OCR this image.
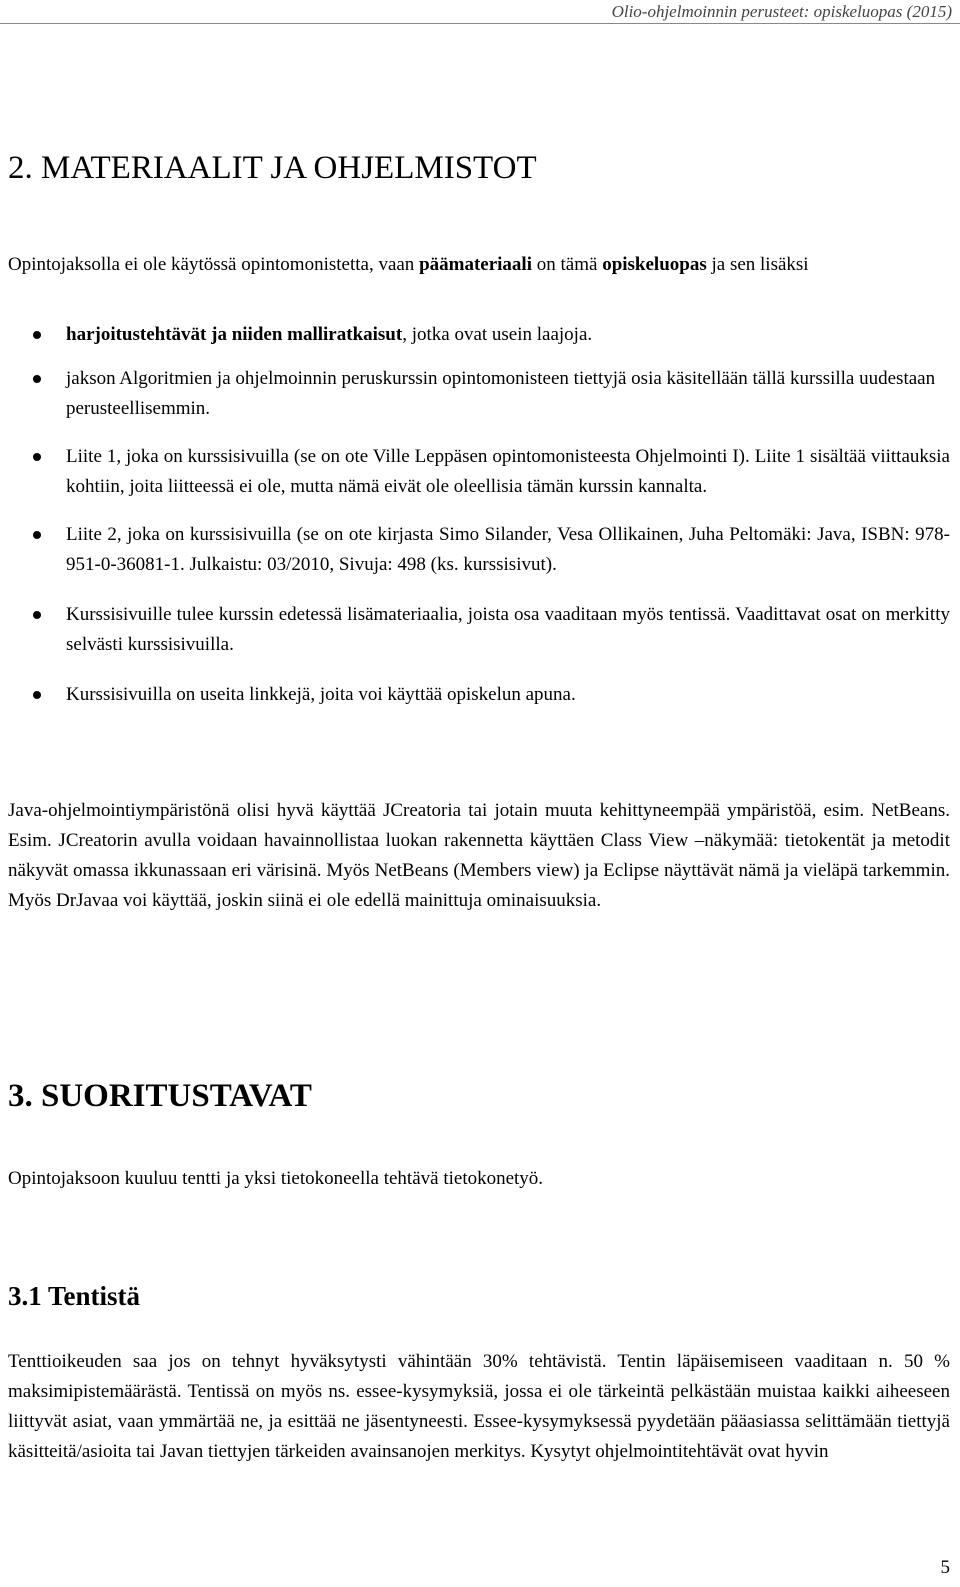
Olio-ohjelmoinnin perusteet: opiskeluopas (2015)
2. MATERIAALIT JA OHJELMISTOT

Opintojaksolla ei ole käytössä opintomonistetta, vaan päämateriaali on tämä opiskeluopas ja sen lisäksi

harjoitustehtävät ja niiden malliratkaisut, jotka ovat usein laajoja.
jakson Algoritmien ja ohjelmoinnin peruskurssin opintomonisteen tiettyjä osia käsitellään tällä kurssilla uudestaan perusteellisemmin.
Liite 1, joka on kurssisivuilla (se on ote Ville Leppäsen opintomonisteesta Ohjelmointi I). Liite 1 sisältää viittauksia kohtiin, joita liitteessä ei ole, mutta nämä eivät ole oleellisia tämän kurssin kannalta.
Liite 2, joka on kurssisivuilla (se on ote kirjasta Simo Silander, Vesa Ollikainen, Juha Peltomäki: Java, ISBN: 978-951-0-36081-1. Julkaistu: 03/2010, Sivuja: 498 (ks. kurssisivut).
Kurssisivuille tulee kurssin edetessä lisämateriaalia, joista osa vaaditaan myös tentissä. Vaadittavat osat on merkitty selvästi kurssisivuilla.
Kurssisivuilla on useita linkkejä, joita voi käyttää opiskelun apuna.

Java-ohjelmointiympäristönä olisi hyvä käyttää JCreatoria tai jotain muuta kehittyneempää ympäristöä, esim. NetBeans. Esim. JCreatorin avulla voidaan havainnollistaa luokan rakennetta käyttäen Class View –näkymää: tietokentät ja metodit näkyvät omassa ikkunassaan eri värisinä. Myös NetBeans (Members view) ja Eclipse näyttävät nämä ja vieläpä tarkemmin. Myös DrJavaa voi käyttää, joskin siinä ei ole edellä mainittuja ominaisuuksia.

3. SUORITUSTAVAT

Opintojaksoon kuuluu tentti ja yksi tietokoneella tehtävä tietokonetyö.

3.1 Tentistä

Tenttioikeuden saa jos on tehnyt hyväksytysti vähintään 30% tehtävistä. Tentin läpäisemiseen vaaditaan n. 50 % maksimipistemäärästä. Tentissä on myös ns. essee-kysymyksiä, jossa ei ole tärkeintä pelkästään muistaa kaikki aiheeseen liittyvät asiat, vaan ymmärtää ne, ja esittää ne jäsentyneesti. Essee-kysymyksessä pyydetään pääasiassa selittämään tiettyjä käsitteitä/asioita tai Javan tiettyjen tärkeiden avainsanojen merkitys. Kysytyt ohjelmointitehtävät ovat hyvin

5
